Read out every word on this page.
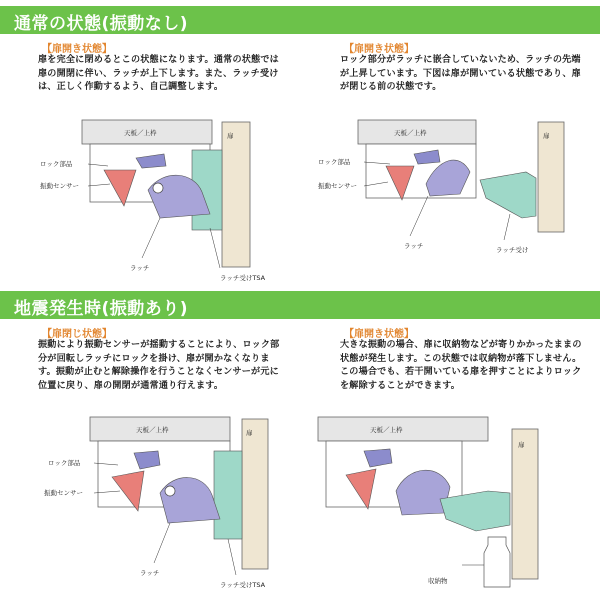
通常の状態(振動なし)
地震発生時(振動あり)
【扉開き状態】
扉を完全に閉めるとこの状態になります。通常の状態では扉の開閉に伴い、ラッチが上下します。また、ラッチ受けは、正しく作動するよう、自己調整します。
天板／上枠	扉
ロック部品
振動センサー
ラッチ
ラッチ受けTSA
【扉開き状態】
ロック部分がラッチに嵌合していないため、ラッチの先端が上昇しています。下図は扉が開いている状態であり、扉が閉じる前の状態です。
天板／上枠	扉
ロック部品
振動センサー
ラッチ	ラッチ受け
【扉閉じ状態】
振動により振動センサーが揺動することにより、ロック部分が回転しラッチにロックを掛け、扉が開かなくなります。振動が止むと解除操作を行うことなくセンサーが元に位置に戻り、扉の開閉が通常通り行えます。
天板／上枠	扉
ロック部品
振動センサー
ラッチ
ラッチ受けTSA
【扉開き状態】
大きな振動の場合、扉に収納物などが寄りかかったままの状態が発生します。この状態では収納物が落下しません。この場合でも、若干開いている扉を押すことによりロックを解除することができます。
天板／上枠
扉
収納物
